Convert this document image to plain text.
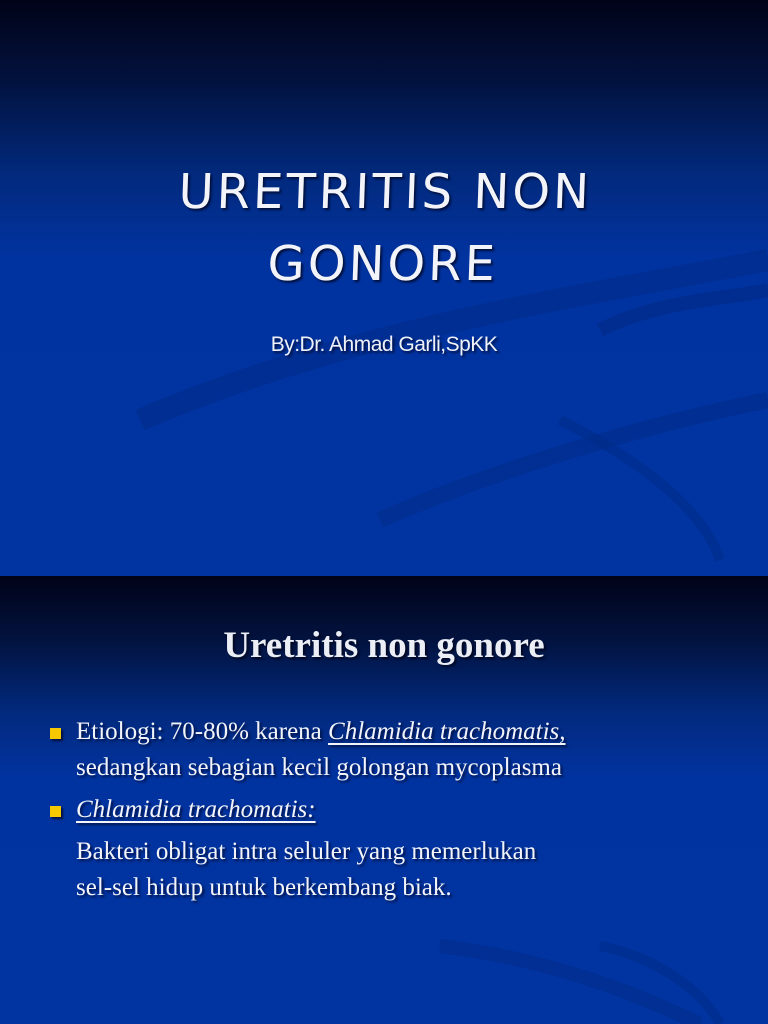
URETRITIS NON
GONORE
By:Dr. Ahmad Garli,SpKK
Uretritis non gonore
Etiologi: 70-80% karena Chlamidia trachomatis,
sedangkan sebagian kecil golongan mycoplasma
Chlamidia trachomatis:
Bakteri obligat intra seluler yang memerlukan
sel-sel hidup untuk berkembang biak.
